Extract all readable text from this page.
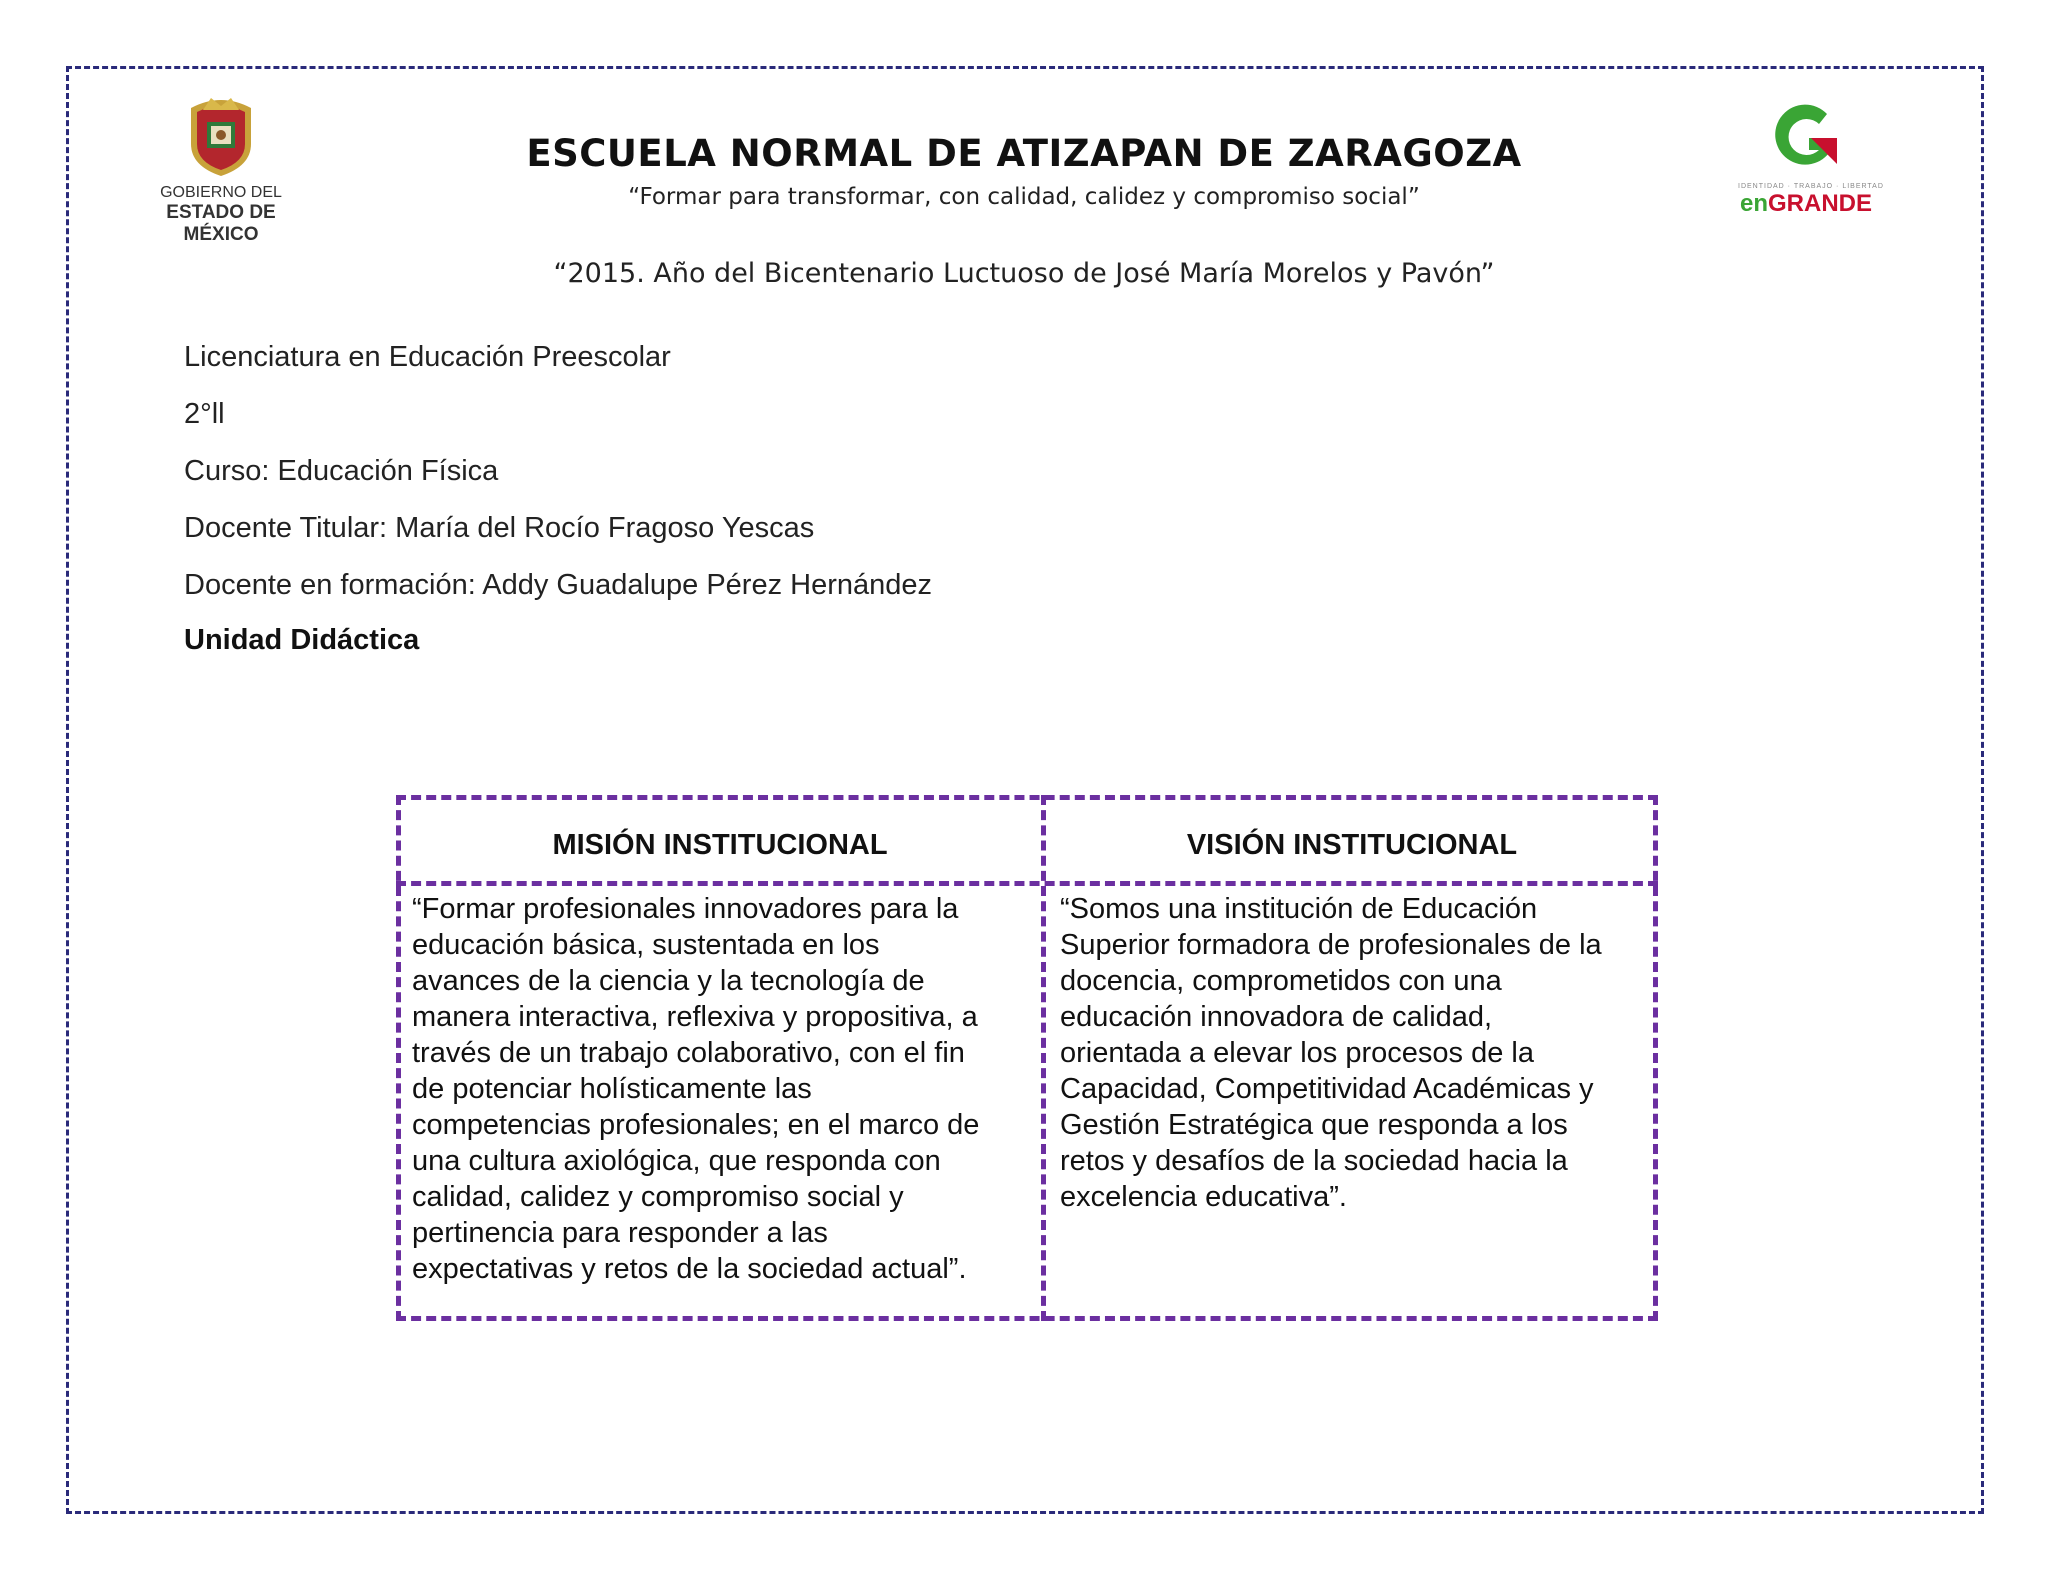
GOBIERNO DEL
ESTADO DE MÉXICO
IDENTIDAD · TRABAJO · LIBERTAD
enGRANDE
ESCUELA NORMAL DE ATIZAPAN DE ZARAGOZA
“Formar para transformar, con calidad, calidez y compromiso social”
“2015. Año del Bicentenario Luctuoso de José María Morelos y Pavón”
Licenciatura en Educación Preescolar
2°ll
Curso: Educación Física
Docente Titular: María del Rocío Fragoso Yescas
Docente en formación: Addy Guadalupe Pérez Hernández
Unidad Didáctica
MISIÓN INSTITUCIONAL	VISIÓN INSTITUCIONAL
“Formar profesionales innovadores para la
educación básica, sustentada en los
avances de la ciencia y la tecnología de
manera interactiva, reflexiva y propositiva, a
través de un trabajo colaborativo, con el fin
de potenciar holísticamente las
competencias profesionales; en el marco de
una cultura axiológica, que responda con
calidad, calidez y compromiso social y
pertinencia para responder a las
expectativas y retos de la sociedad actual”.
“Somos una institución de Educación
Superior formadora de profesionales de la
docencia, comprometidos con una
educación innovadora de calidad,
orientada a elevar los procesos de la
Capacidad, Competitividad Académicas y
Gestión Estratégica que responda a los
retos y desafíos de la sociedad hacia la
excelencia educativa”.
